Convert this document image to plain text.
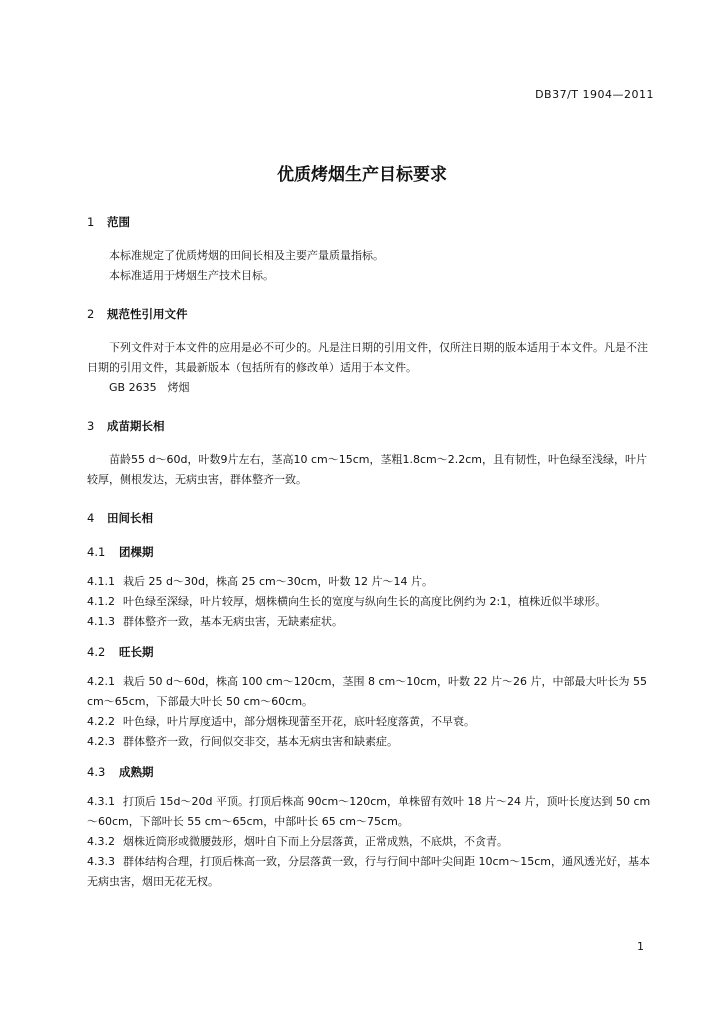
DB37/T 1904—2011
优质烤烟生产目标要求
1 范围

本标准规定了优质烤烟的田间长相及主要产量质量指标。

本标准适用于烤烟生产技术目标。

2 规范性引用文件

下列文件对于本文件的应用是必不可少的。凡是注日期的引用文件，仅所注日期的版本适用于本文件。凡是不注日期的引用文件，其最新版本（包括所有的修改单）适用于本文件。

GB 2635　烤烟

3 成苗期长相

苗龄55 d～60d，叶数9片左右，茎高10 cm～15cm，茎粗1.8cm～2.2cm，且有韧性，叶色绿至浅绿，叶片较厚，侧根发达，无病虫害，群体整齐一致。

4 田间长相
4.1 团棵期

4.1.1 栽后 25 d～30d，株高 25 cm～30cm，叶数 12 片～14 片。

4.1.2 叶色绿至深绿，叶片较厚，烟株横向生长的宽度与纵向生长的高度比例约为 2:1，植株近似半球形。

4.1.3 群体整齐一致，基本无病虫害，无缺素症状。

4.2 旺长期

4.2.1 栽后 50 d～60d，株高 100 cm～120cm，茎围 8 cm～10cm，叶数 22 片～26 片，中部最大叶长为 55 cm～65cm，下部最大叶长 50 cm～60cm。

4.2.2 叶色绿，叶片厚度适中，部分烟株现蕾至开花，底叶轻度落黄，不早衰。

4.2.3 群体整齐一致，行间似交非交，基本无病虫害和缺素症。

4.3 成熟期

4.3.1 打顶后 15d～20d 平顶。打顶后株高 90cm～120cm，单株留有效叶 18 片～24 片，顶叶长度达到 50 cm～60cm，下部叶长 55 cm～65cm，中部叶长 65 cm～75cm。

4.3.2 烟株近筒形或微腰鼓形，烟叶自下而上分层落黄，正常成熟，不底烘，不贪青。

4.3.3 群体结构合理，打顶后株高一致，分层落黄一致，行与行间中部叶尖间距 10cm～15cm，通风透光好，基本无病虫害，烟田无花无杈。

1
